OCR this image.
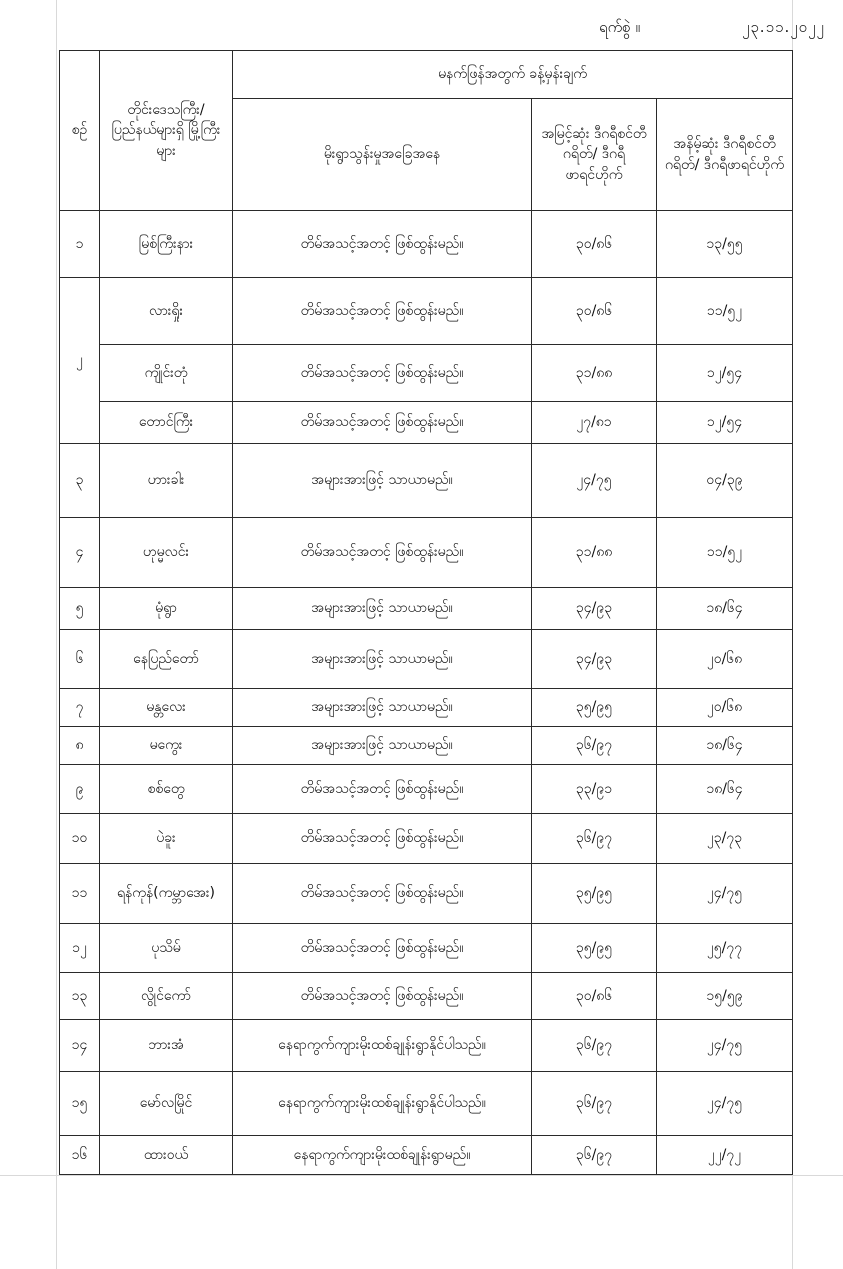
ရက်စွဲ ။	၂၃.၁၁.၂၀၂၂
စဉ်	တိုင်းဒေသကြီး/ ပြည်နယ်များရှိ မြို့ကြီးများ	မနက်ဖြန်အတွက် ခန့်မှန်းချက်		
		မိုးရွာသွန်းမှုအခြေအနေ	အမြင့်ဆုံး ဒီဂရီစင်တီဂရိတ်/ ဒီဂရီဖာရင်ဟိုက်	အနိမ့်ဆုံး ဒီဂရီစင်တီဂရိတ်/ ဒီဂရီဖာရင်ဟိုက်
၁	မြစ်ကြီးနား	တိမ်အသင့်အတင့် ဖြစ်ထွန်းမည်။	၃၀/၈၆	၁၃/၅၅
၂	လားရှိုး	တိမ်အသင့်အတင့် ဖြစ်ထွန်းမည်။	၃၀/၈၆	၁၁/၅၂
	ကျိုင်းတုံ	တိမ်အသင့်အတင့် ဖြစ်ထွန်းမည်။	၃၁/၈၈	၁၂/၅၄
	တောင်ကြီး	တိမ်အသင့်အတင့် ဖြစ်ထွန်းမည်။	၂၇/၈၁	၁၂/၅၄
၃	ဟားခါး	အများအားဖြင့် သာယာမည်။	၂၄/၇၅	၀၄/၃၉
၄	ဟုမ္မလင်း	တိမ်အသင့်အတင့် ဖြစ်ထွန်းမည်။	၃၁/၈၈	၁၁/၅၂
၅	မုံရွာ	အများအားဖြင့် သာယာမည်။	၃၄/၉၃	၁၈/၆၄
၆	နေပြည်တော်	အများအားဖြင့် သာယာမည်။	၃၄/၉၃	၂၀/၆၈
၇	မန္တလေး	အများအားဖြင့် သာယာမည်။	၃၅/၉၅	၂၀/၆၈
၈	မကွေး	အများအားဖြင့် သာယာမည်။	၃၆/၉၇	၁၈/၆၄
၉	စစ်တွေ	တိမ်အသင့်အတင့် ဖြစ်ထွန်းမည်။	၃၃/၉၁	၁၈/၆၄
၁၀	ပဲခူး	တိမ်အသင့်အတင့် ဖြစ်ထွန်းမည်။	၃၆/၉၇	၂၃/၇၃
၁၁	ရန်ကုန်(ကမ္ဘာအေး)	တိမ်အသင့်အတင့် ဖြစ်ထွန်းမည်။	၃၅/၉၅	၂၄/၇၅
၁၂	ပုသိမ်	တိမ်အသင့်အတင့် ဖြစ်ထွန်းမည်။	၃၅/၉၅	၂၅/၇၇
၁၃	လွိုင်ကော်	တိမ်အသင့်အတင့် ဖြစ်ထွန်းမည်။	၃၀/၈၆	၁၅/၅၉
၁၄	ဘားအံ	နေရာကွက်ကျားမိုးထစ်ချုန်းရွာနိုင်ပါသည်။	၃၆/၉၇	၂၄/၇၅
၁၅	မော်လမြိုင်	နေရာကွက်ကျားမိုးထစ်ချုန်းရွာနိုင်ပါသည်။	၃၆/၉၇	၂၄/၇၅
၁၆	ထားဝယ်	နေရာကွက်ကျားမိုးထစ်ချုန်းရွာမည်။	၃၆/၉၇	၂၂/၇၂
